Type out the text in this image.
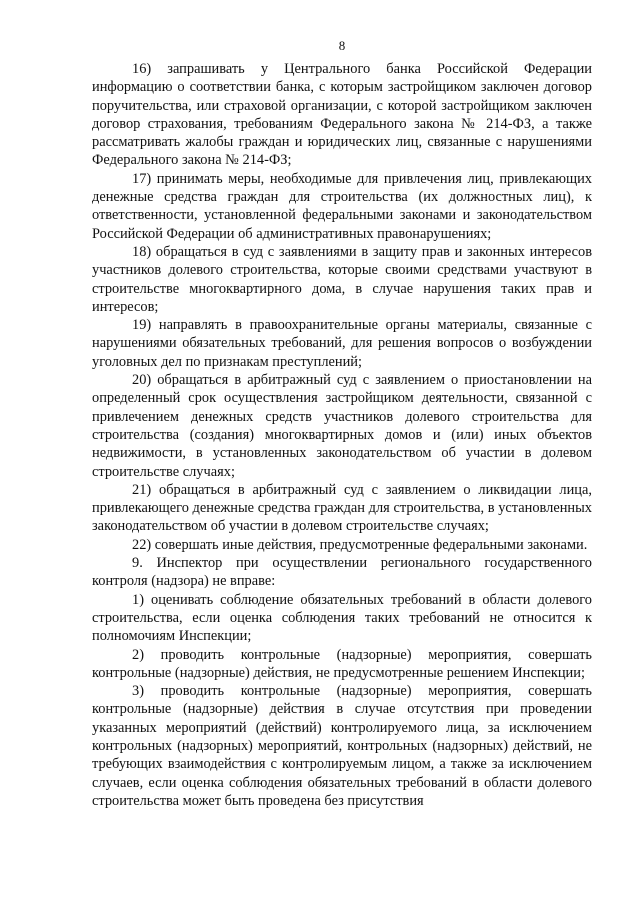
8

16) запрашивать у Центрального банка Российской Федерации информацию о соответствии банка, с которым застройщиком заключен договор поручительства, или страховой организации, с которой застройщиком заключен договор страхования, требованиям Федерального закона № 214-ФЗ, а также рассматривать жалобы граждан и юридических лиц, связанные с нарушениями Федерального закона № 214-ФЗ;

17) принимать меры, необходимые для привлечения лиц, привлекающих денежные средства граждан для строительства (их должностных лиц), к ответственности, установленной федеральными законами и законодательством Российской Федерации об административных правонарушениях;

18) обращаться в суд с заявлениями в защиту прав и законных интересов участников долевого строительства, которые своими средствами участвуют в строительстве многоквартирного дома, в случае нарушения таких прав и интересов;

19) направлять в правоохранительные органы материалы, связанные с нарушениями обязательных требований, для решения вопросов о возбуждении уголовных дел по признакам преступлений;

20) обращаться в арбитражный суд с заявлением о приостановлении на определенный срок осуществления застройщиком деятельности, связанной с привлечением денежных средств участников долевого строительства для строительства (создания) многоквартирных домов и (или) иных объектов недвижимости, в установленных законодательством об участии в долевом строительстве случаях;

21) обращаться в арбитражный суд с заявлением о ликвидации лица, привлекающего денежные средства граждан для строительства, в установленных законодательством об участии в долевом строительстве случаях;

22) совершать иные действия, предусмотренные федеральными законами.

9. Инспектор при осуществлении регионального государственного контроля (надзора) не вправе:

1) оценивать соблюдение обязательных требований в области долевого строительства, если оценка соблюдения таких требований не относится к полномочиям Инспекции;

2) проводить контрольные (надзорные) мероприятия, совершать контрольные (надзорные) действия, не предусмотренные решением Инспекции;

3) проводить контрольные (надзорные) мероприятия, совершать контрольные (надзорные) действия в случае отсутствия при проведении указанных мероприятий (действий) контролируемого лица, за исключением контрольных (надзорных) мероприятий, контрольных (надзорных) действий, не требующих взаимодействия с контролируемым лицом, а также за исключением случаев, если оценка соблюдения обязательных требований в области долевого строительства может быть проведена без присутствия
